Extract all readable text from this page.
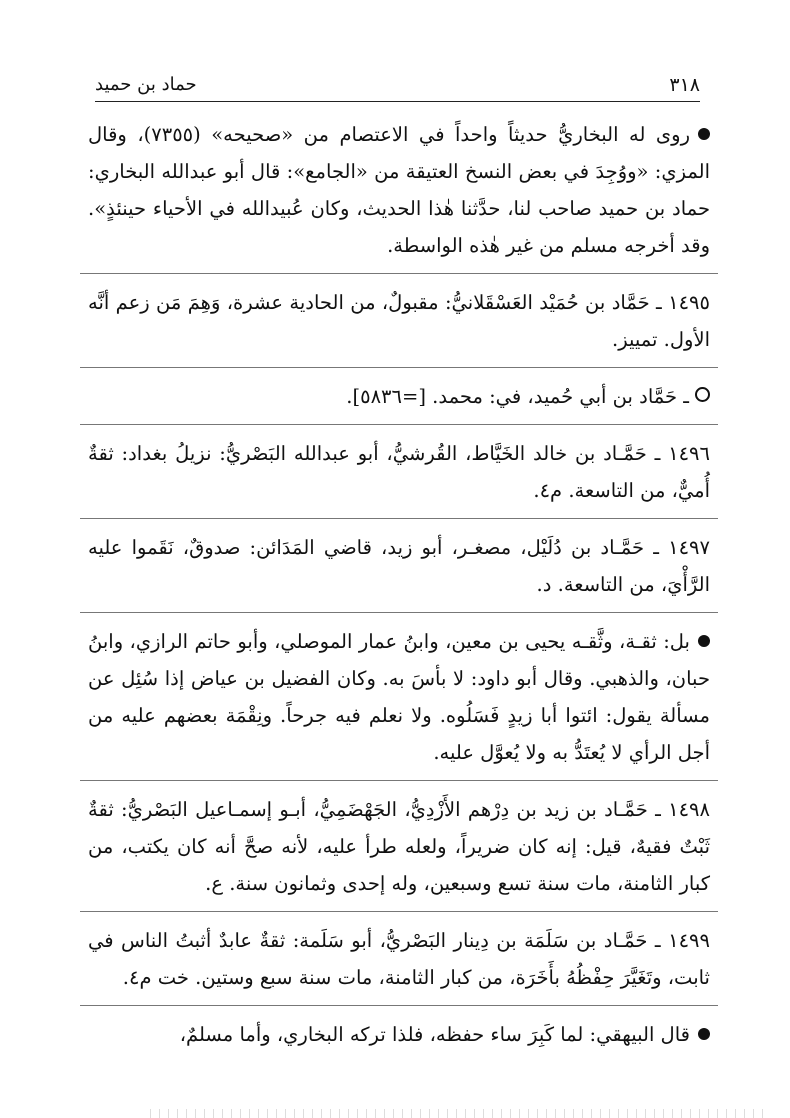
٣١٨
حماد بن حميد

روى له البخاريُّ حديثاً واحداً في الاعتصام من «صحيحه» (٧٣٥٥)، وقال المزي: «ووُجِدَ في بعض النسخ العتيقة من «الجامع»: قال أبو عبدالله البخاري: حماد بن حميد صاحب لنا، حدَّثنا هٰذا الحديث، وكان عُبيدالله في الأحياء حينئذٍ». وقد أخرجه مسلم من غير هٰذه الواسطة.

١٤٩٥ ـ حَمَّاد بن حُمَيْد العَسْقَلانيُّ: مقبولٌ، من الحادية عشرة، وَهِمَ مَن زعم أنَّه الأول. تمييز.

ـ حَمَّاد بن أبي حُميد، في: محمد. [=٥٨٣٦].

١٤٩٦ ـ حَمَّـاد بن خالد الخَيَّاط، القُرشيُّ، أبو عبدالله البَصْريُّ: نزيلُ بغداد: ثقةٌ أُميٌّ، من التاسعة. م٤.

١٤٩٧ ـ حَمَّـاد بن دُلَيْل، مصغـر، أبو زيد، قاضي المَدَائن: صدوقٌ، نَقَموا عليه الرَّأْيَ، من التاسعة. د.

بل: ثقـة، وثَّقـه يحيى بن معين، وابنُ عمار الموصلي، وأبو حاتم الرازي، وابنُ حبان، والذهبي. وقال أبو داود: لا بأسَ به. وكان الفضيل بن عياض إذا سُئِل عن مسألة يقول: ائتوا أبا زيدٍ فَسَلُوه. ولا نعلم فيه جرحاً. ونِقْمَة بعضهم عليه من أجل الرأي لا يُعتَدُّ به ولا يُعوَّل عليه.

١٤٩٨ ـ حَمَّـاد بن زيد بن دِرْهم الأَزْدِيُّ، الجَهْضَمِيُّ، أبـو إسمـاعيل البَصْريُّ: ثقةٌ ثَبْتٌ فقيهٌ، قيل: إنه كان ضريراً، ولعله طرأ عليه، لأنه صحَّ أنه كان يكتب، من كبار الثامنة، مات سنة تسع وسبعين، وله إحدى وثمانون سنة. ع.

١٤٩٩ ـ حَمَّـاد بن سَلَمَة بن دِينار البَصْريُّ، أبو سَلَمة: ثقةٌ عابدٌ أثبتُ الناس في ثابت، وتَغَيَّرَ حِفْظُهُ بأَخَرَة، من كبار الثامنة، مات سنة سبع وستين. خت م٤.

قال البيهقي: لما كَبِرَ ساء حفظه، فلذا تركه البخاري، وأما مسلمٌ،
